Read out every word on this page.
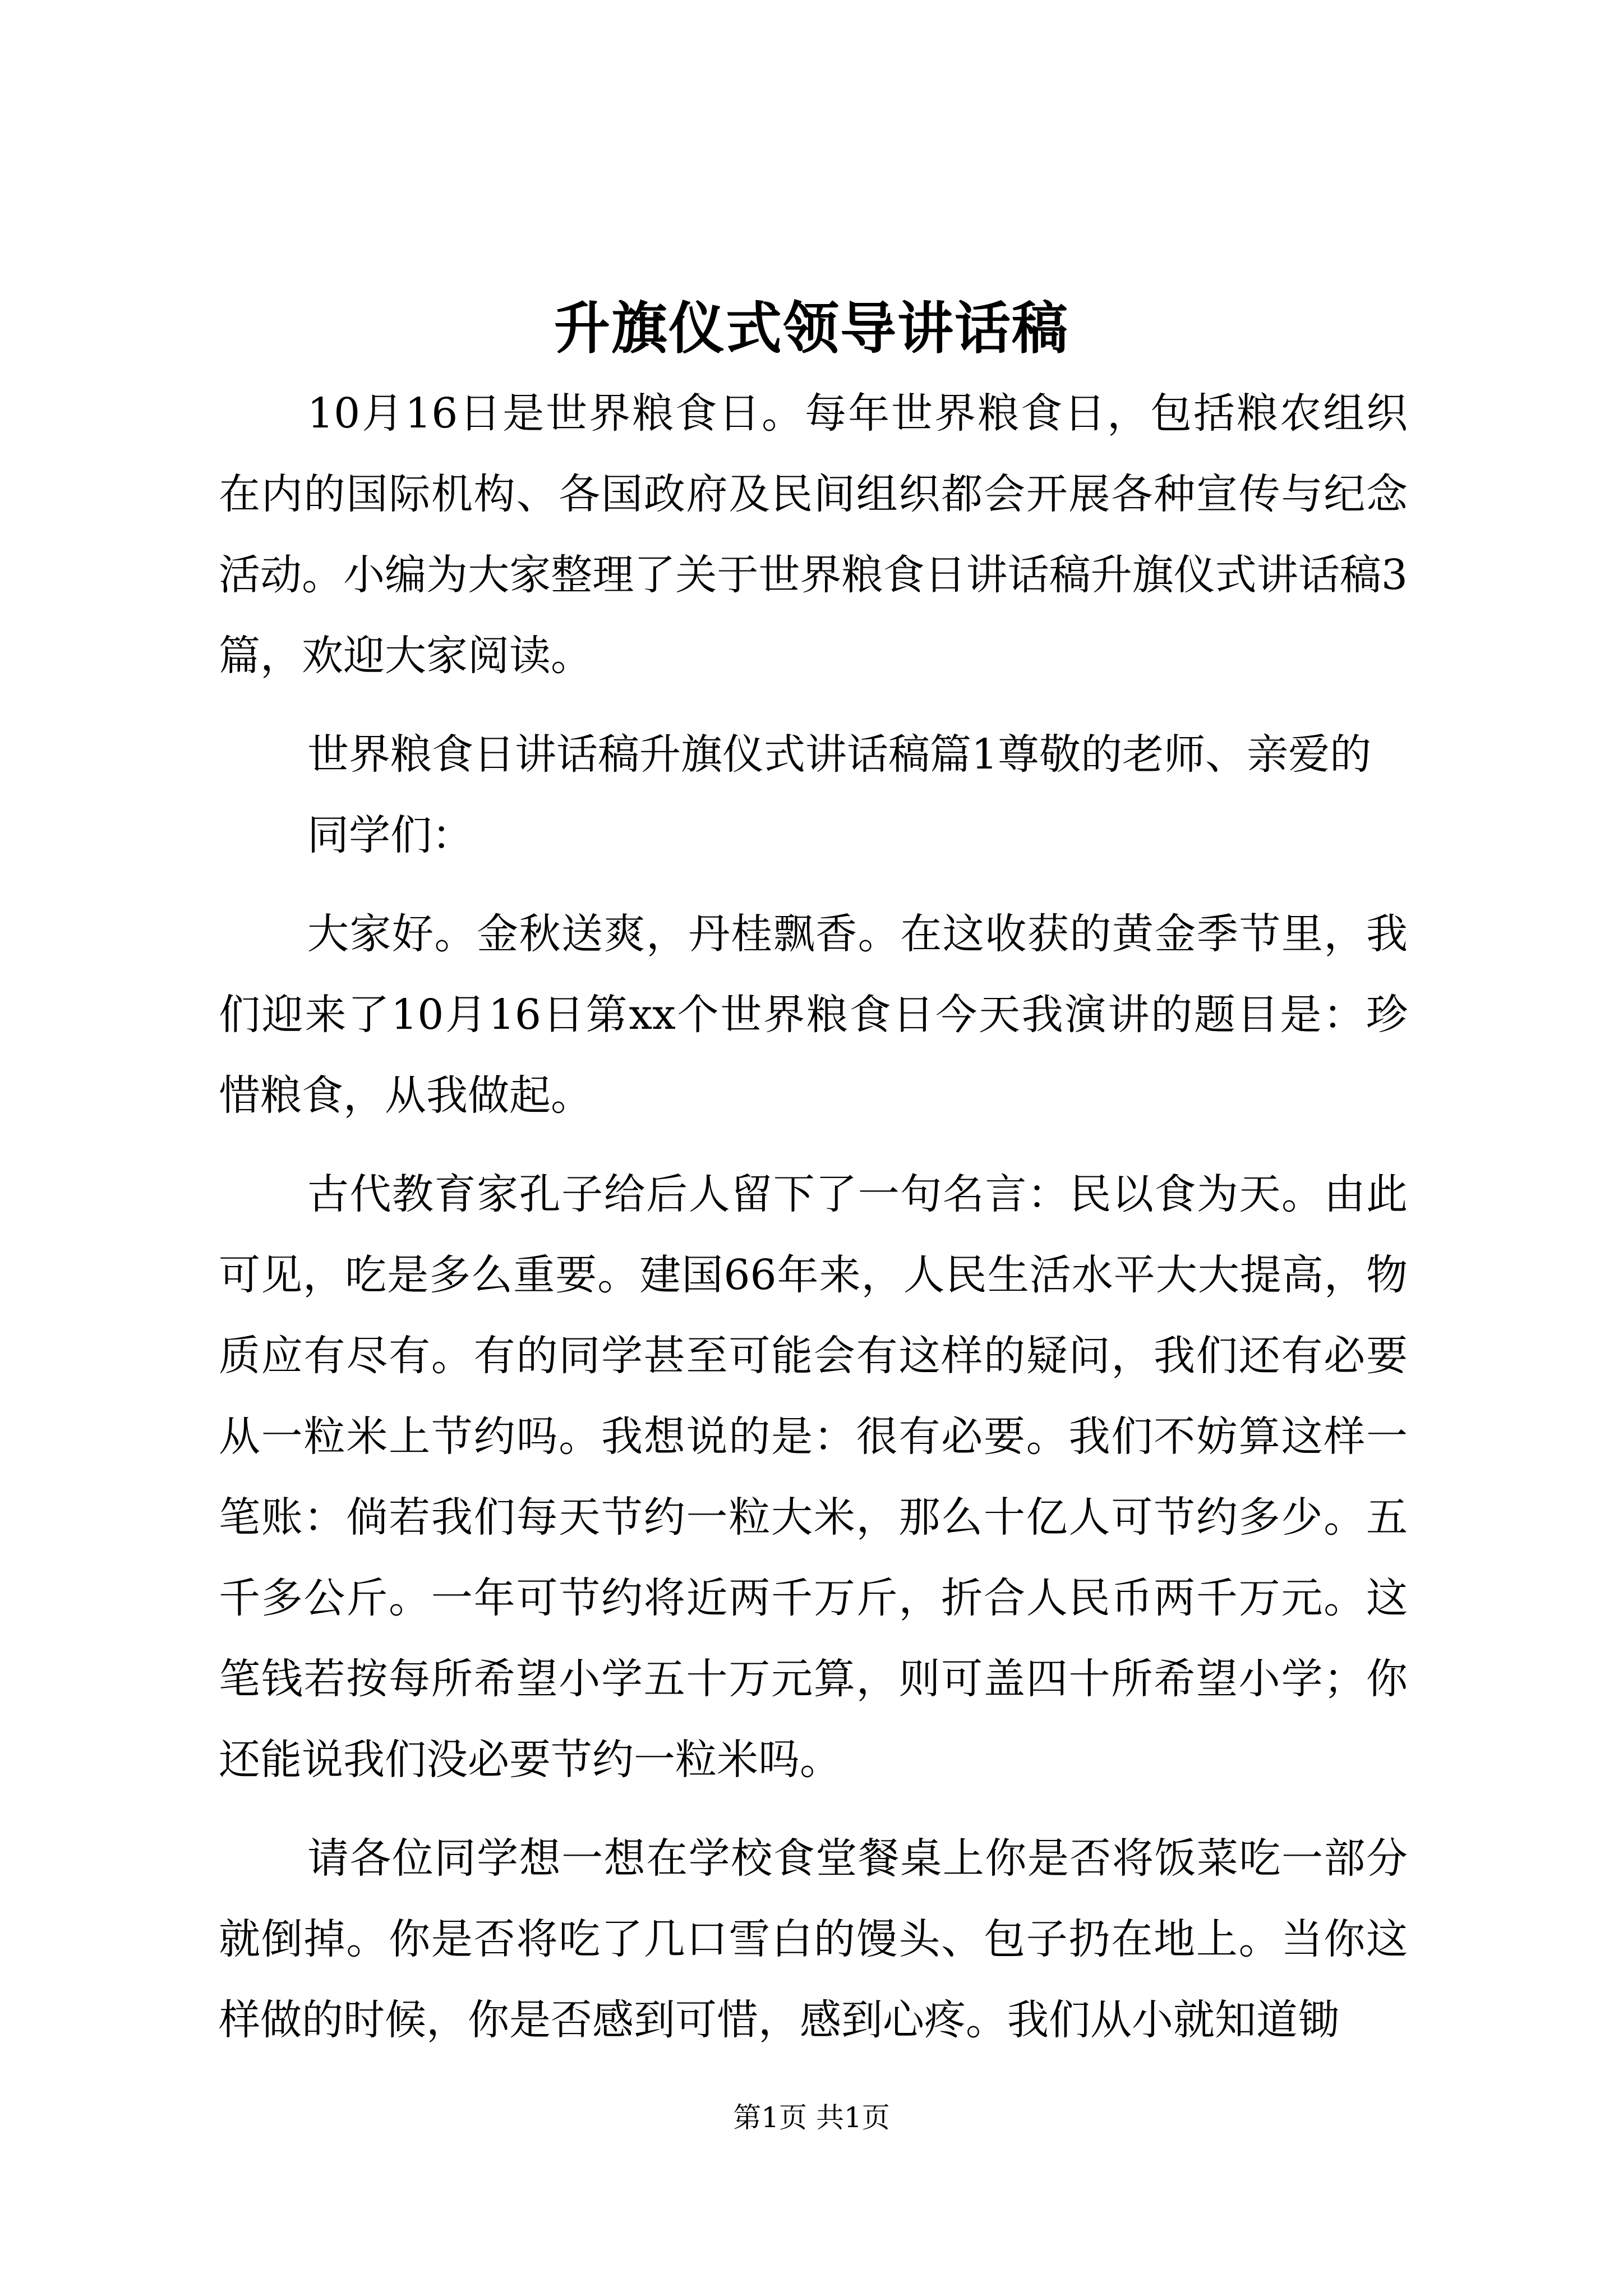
升旗仪式领导讲话稿

10月16日是世界粮食日。每年世界粮食日，包括粮农组织在内的国际机构、各国政府及民间组织都会开展各种宣传与纪念活动。小编为大家整理了关于世界粮食日讲话稿升旗仪式讲话稿3篇，欢迎大家阅读。

世界粮食日讲话稿升旗仪式讲话稿篇1尊敬的老师、亲爱的

同学们：

大家好。金秋送爽，丹桂飘香。在这收获的黄金季节里，我们迎来了10月16日第xx个世界粮食日今天我演讲的题目是：珍惜粮食，从我做起。

古代教育家孔子给后人留下了一句名言：民以食为天。由此可见，吃是多么重要。建国66年来，人民生活水平大大提高，物质应有尽有。有的同学甚至可能会有这样的疑问，我们还有必要从一粒米上节约吗。我想说的是：很有必要。我们不妨算这样一笔账：倘若我们每天节约一粒大米，那么十亿人可节约多少。五千多公斤。一年可节约将近两千万斤，折合人民币两千万元。这笔钱若按每所希望小学五十万元算，则可盖四十所希望小学；你还能说我们没必要节约一粒米吗。

请各位同学想一想在学校食堂餐桌上你是否将饭菜吃一部分就倒掉。你是否将吃了几口雪白的馒头、包子扔在地上。当你这样做的时候，你是否感到可惜，感到心疼。我们从小就知道锄

第1页 共1页
